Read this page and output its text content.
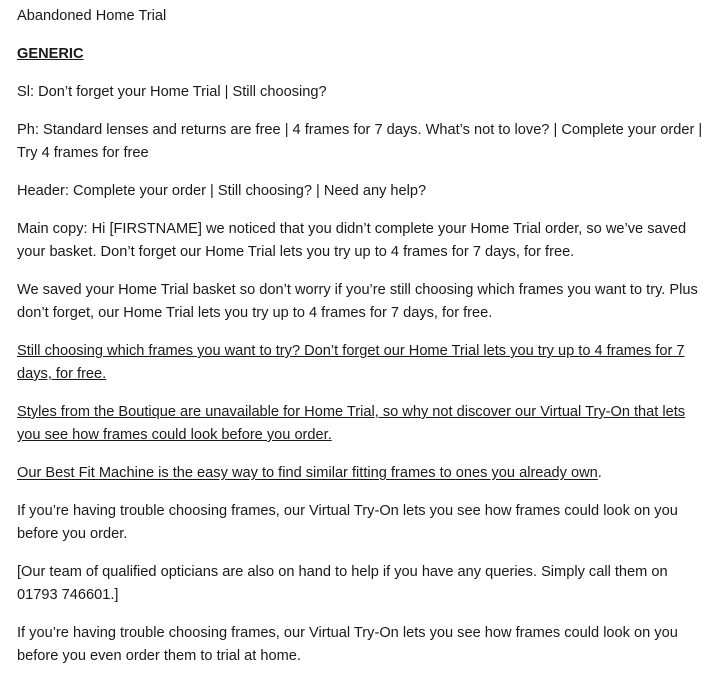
Abandoned Home Trial

GENERIC

Sl: Don’t forget your Home Trial | Still choosing?

Ph: Standard lenses and returns are free | 4 frames for 7 days. What’s not to love? | Complete your order | Try 4 frames for free

Header: Complete your order | Still choosing? | Need any help?

Main copy: Hi [FIRSTNAME] we noticed that you didn’t complete your Home Trial order, so we’ve saved your basket. Don’t forget our Home Trial lets you try up to 4 frames for 7 days, for free.

We saved your Home Trial basket so don’t worry if you’re still choosing which frames you want to try. Plus don’t forget, our Home Trial lets you try up to 4 frames for 7 days, for free.

Still choosing which frames you want to try? Don’t forget our Home Trial lets you try up to 4 frames for 7 days, for free.

Styles from the Boutique are unavailable for Home Trial, so why not discover our Virtual Try-On that lets you see how frames could look before you order.

Our Best Fit Machine is the easy way to find similar fitting frames to ones you already own.

If you’re having trouble choosing frames, our Virtual Try-On lets you see how frames could look on you before you order.

[Our team of qualified opticians are also on hand to help if you have any queries. Simply call them on 01793 746601.]

If you’re having trouble choosing frames, our Virtual Try-On lets you see how frames could look on you before you even order them to trial at home.
